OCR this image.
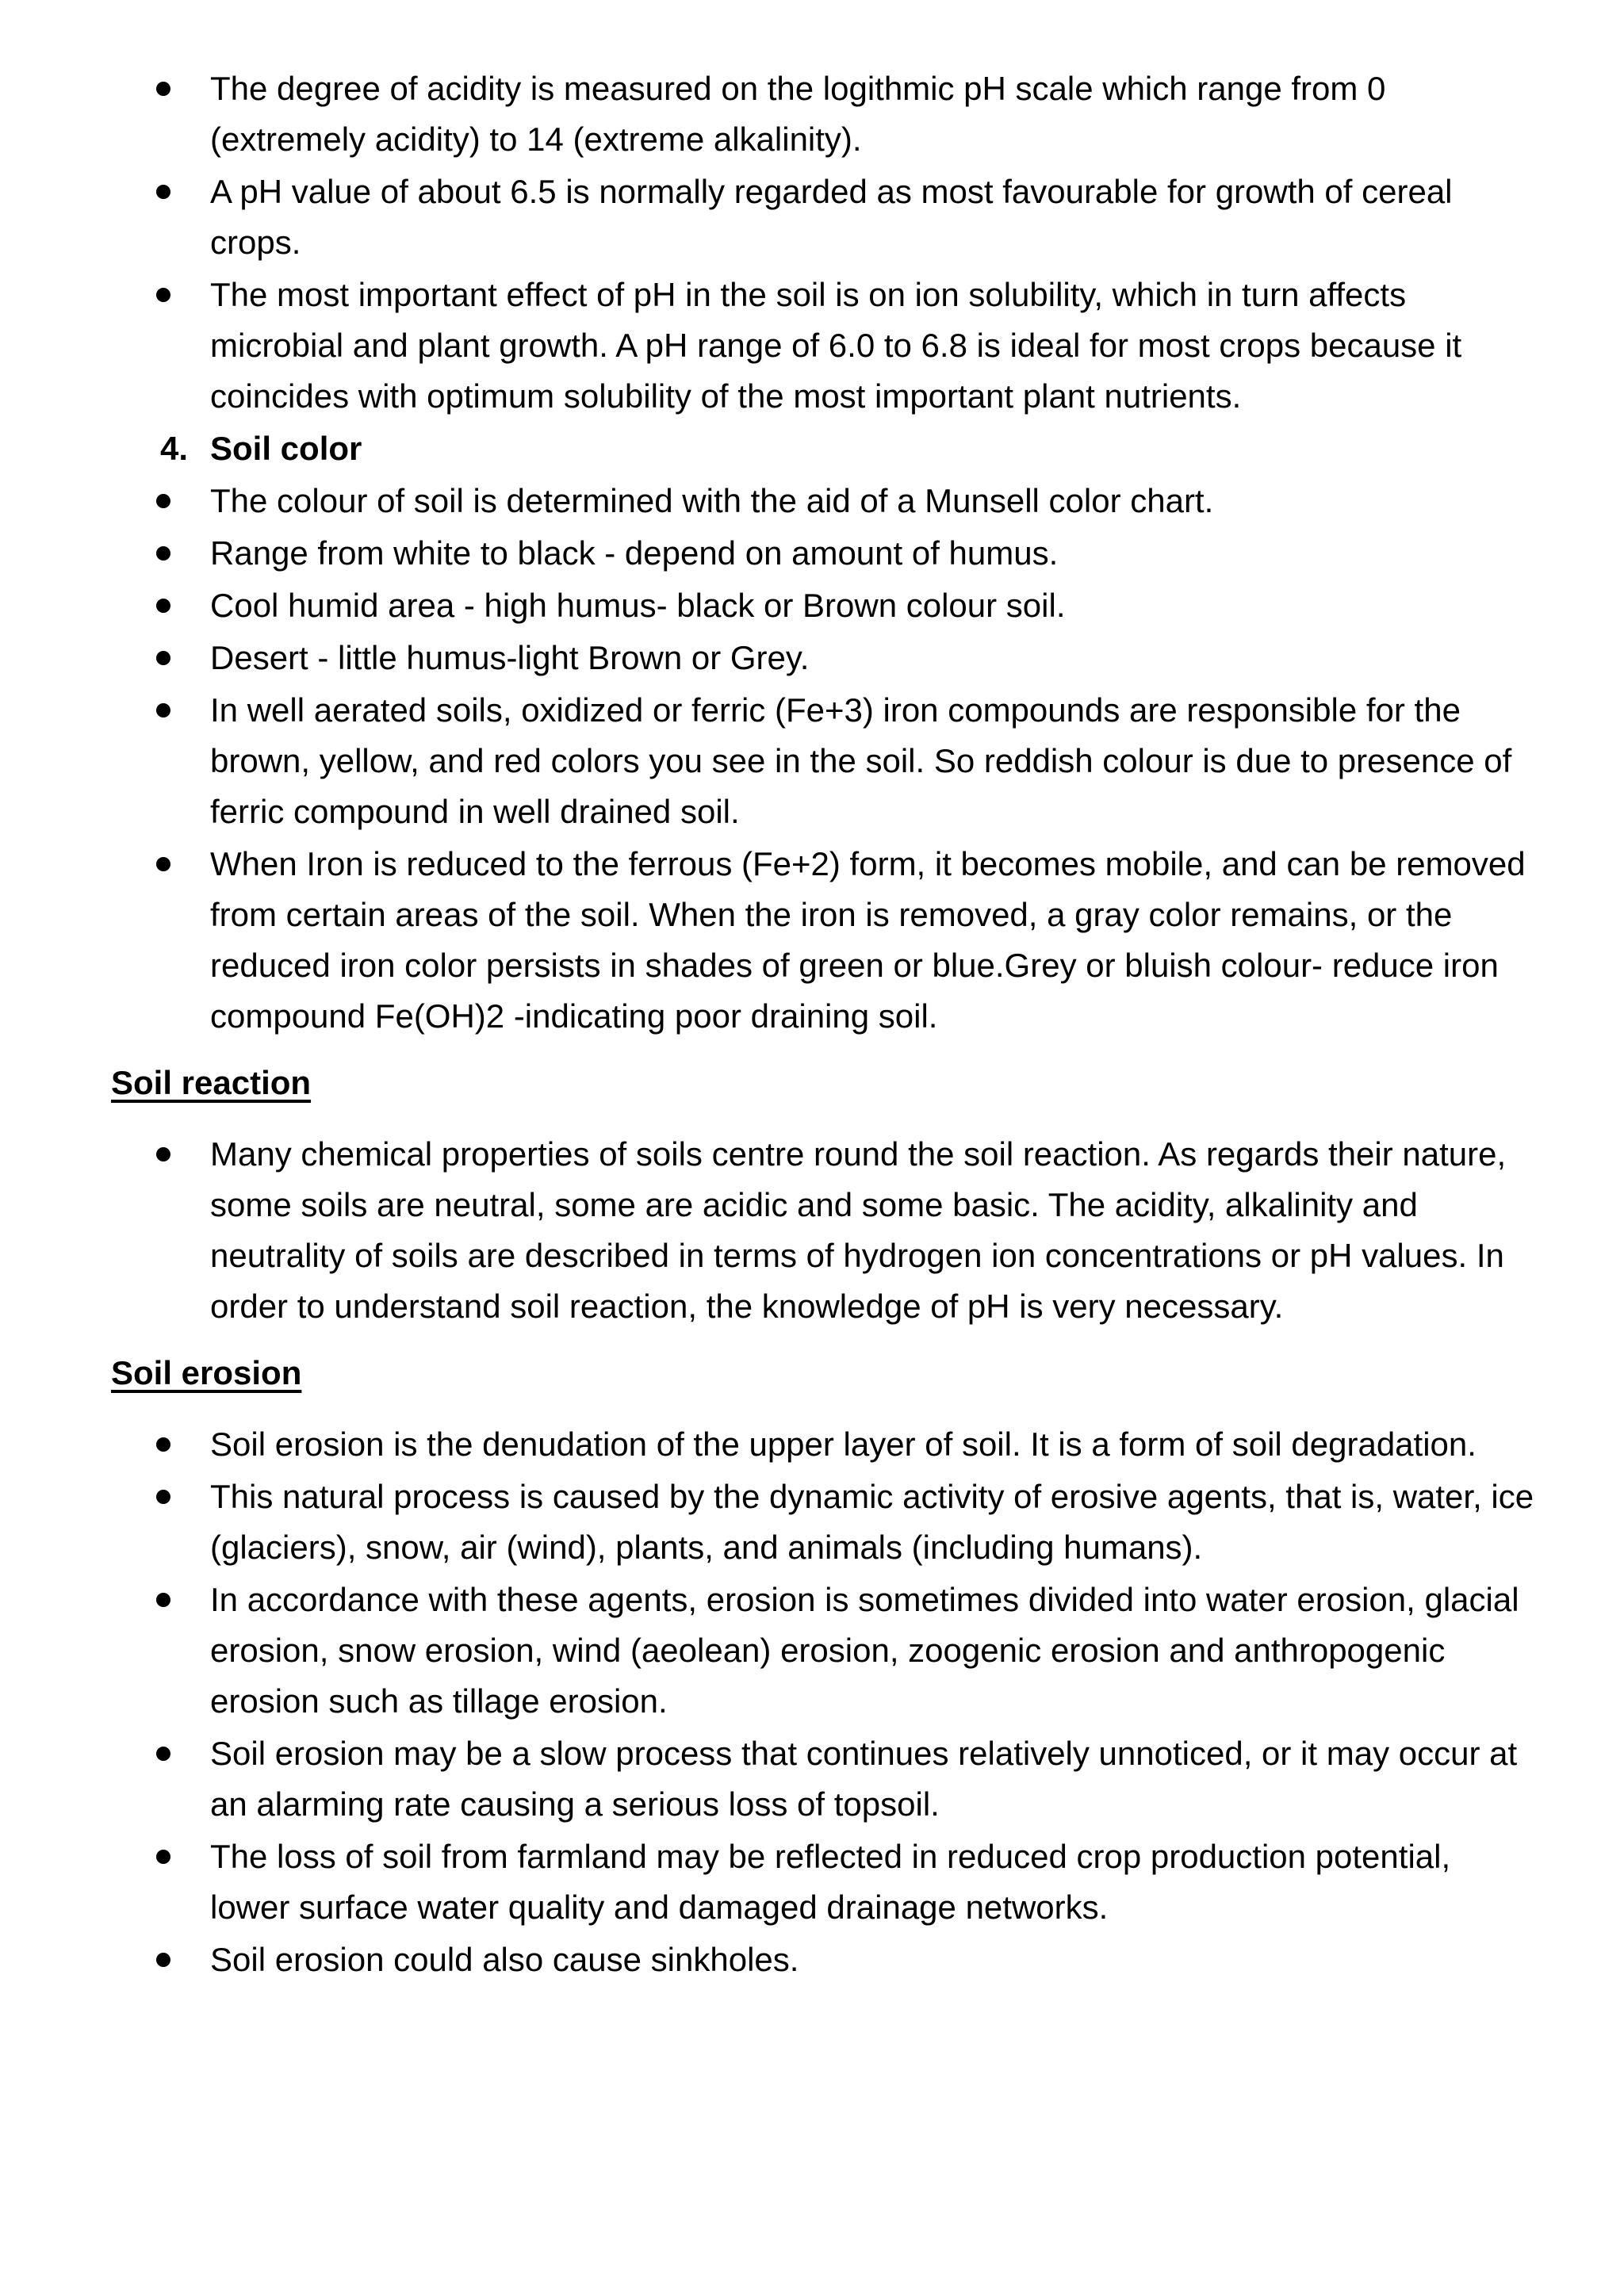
The degree of acidity is measured on the logithmic pH scale which range from 0 (extremely acidity) to 14 (extreme alkalinity).
A pH value of about 6.5 is normally regarded as most favourable for growth of cereal crops.
The most important effect of pH in the soil is on ion solubility, which in turn affects microbial and plant growth. A pH range of 6.0 to 6.8 is ideal for most crops because it coincides with optimum solubility of the most important plant nutrients.
4. Soil color
The colour of soil is determined with the aid of a Munsell color chart.
Range from white to black - depend on amount of humus.
Cool humid area - high humus- black or Brown colour soil.
Desert - little humus-light Brown or Grey.
In well aerated soils, oxidized or ferric (Fe+3) iron compounds are responsible for the brown, yellow, and red colors you see in the soil. So reddish colour is due to presence of ferric compound in well drained soil.
When Iron is reduced to the ferrous (Fe+2) form, it becomes mobile, and can be removed from certain areas of the soil. When the iron is removed, a gray color remains, or the reduced iron color persists in shades of green or blue.Grey or bluish colour- reduce iron compound Fe(OH)2 -indicating poor draining soil.
Soil reaction
Many chemical properties of soils centre round the soil reaction. As regards their nature, some soils are neutral, some are acidic and some basic. The acidity, alkalinity and neutrality of soils are described in terms of hydrogen ion concentrations or pH values. In order to understand soil reaction, the knowledge of pH is very necessary.
Soil erosion
Soil erosion is the denudation of the upper layer of soil. It is a form of soil degradation.
This natural process is caused by the dynamic activity of erosive agents, that is, water, ice (glaciers), snow, air (wind), plants, and animals (including humans).
In accordance with these agents, erosion is sometimes divided into water erosion, glacial erosion, snow erosion, wind (aeolean) erosion, zoogenic erosion and anthropogenic erosion such as tillage erosion.
Soil erosion may be a slow process that continues relatively unnoticed, or it may occur at an alarming rate causing a serious loss of topsoil.
The loss of soil from farmland may be reflected in reduced crop production potential, lower surface water quality and damaged drainage networks.
Soil erosion could also cause sinkholes.
